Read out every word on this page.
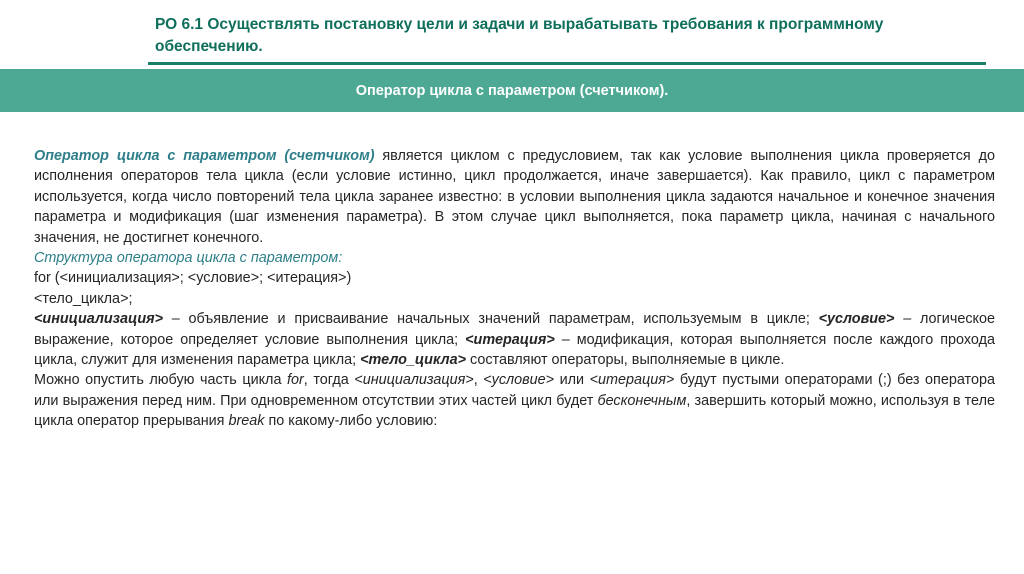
РО 6.1 Осуществлять постановку цели и задачи и вырабатывать требования к программному обеспечению.
Оператор цикла с параметром (счетчиком).

Оператор цикла с параметром (счетчиком) является циклом с предусловием, так как условие выполнения цикла проверяется до исполнения операторов тела цикла (если условие истинно, цикл продолжается, иначе завершается). Как правило, цикл с параметром используется, когда число повторений тела цикла заранее известно: в условии выполнения цикла задаются начальное и конечное значения параметра и модификация (шаг изменения параметра). В этом случае цикл выполняется, пока параметр цикла, начиная с начального значения, не достигнет конечного.

Структура оператора цикла с параметром:

for (<инициализация>; <условие>; <итерация>)

<тело_цикла>;

<инициализация> – объявление и присваивание начальных значений параметрам, используемым в цикле; <условие> – логическое выражение, которое определяет условие выполнения цикла; <итерация> – модификация, которая выполняется после каждого прохода цикла, служит для изменения параметра цикла; <тело_цикла> составляют операторы, выполняемые в цикле.

Можно опустить любую часть цикла for, тогда <инициализация>, <условие> или <итерация> будут пустыми операторами (;) без оператора или выражения перед ним. При одновременном отсутствии этих частей цикл будет бесконечным, завершить который можно, используя в теле цикла оператор прерывания break по какому-либо условию:
